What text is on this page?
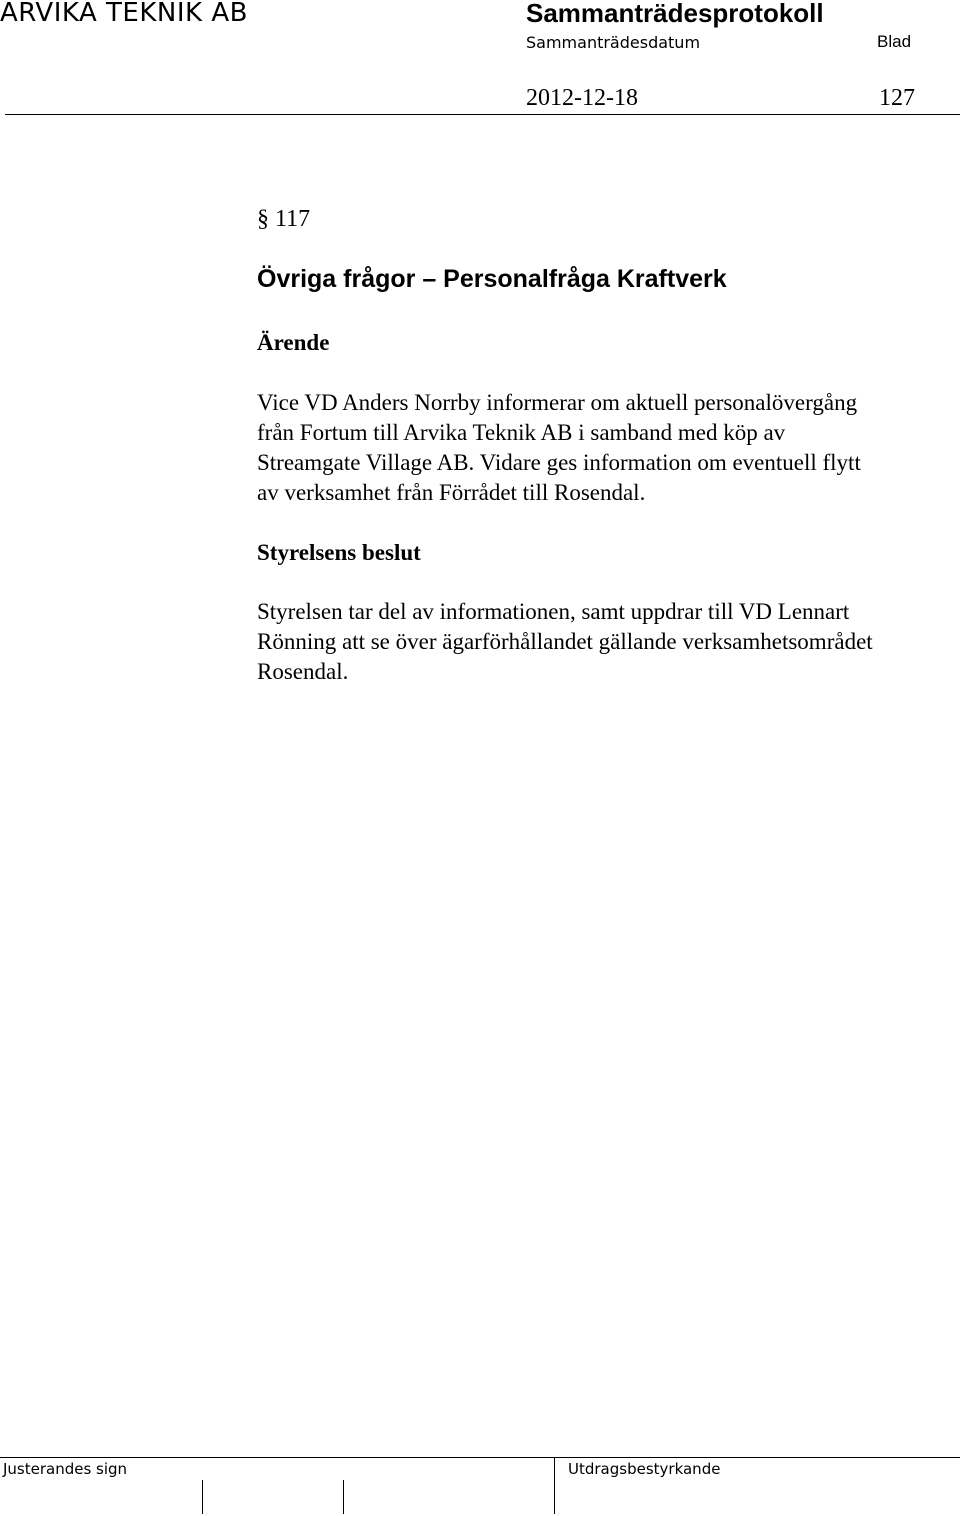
ARVIKA TEKNIK AB	Sammanträdesprotokoll
Sammanträdesdatum	Blad
2012-12-18	127
§ 117
Övriga frågor – Personalfråga Kraftverk
Ärende
Vice VD Anders Norrby informerar om aktuell personalövergång
från Fortum till Arvika Teknik AB i samband med köp av
Streamgate Village AB. Vidare ges information om eventuell flytt
av verksamhet från Förrådet till Rosendal.
Styrelsens beslut
Styrelsen tar del av informationen, samt uppdrar till VD Lennart
Rönning att se över ägarförhållandet gällande verksamhetsområdet
Rosendal.
Justerandes sign	Utdragsbestyrkande
